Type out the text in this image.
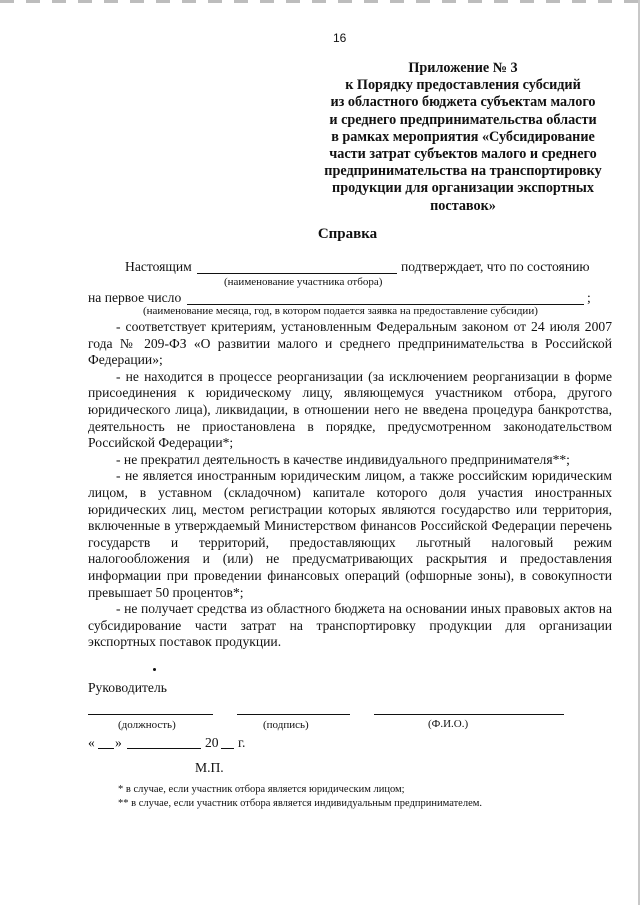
16
Приложение № 3
к Порядку предоставления субсидий
из областного бюджета субъектам малого
и среднего предпринимательства области
в рамках мероприятия «Субсидирование
части затрат субъектов малого и среднего
предпринимательства на транспортировку
продукции для организации экспортных
поставок»
Справка
Настоящим	подтверждает, что по состоянию
(наименование участника отбора)
на первое число	;
(наименование месяца, год, в котором подается заявка на предоставление субсидии)

- соответствует критериям, установленным Федеральным законом от 24 июля 2007 года № 209-ФЗ «О развитии малого и среднего предпринимательства в Российской Федерации»;

- не находится в процессе реорганизации (за исключением реорганизации в форме присоединения к юридическому лицу, являющемуся участником отбора, другого юридического лица), ликвидации, в отношении него не введена процедура банкротства, деятельность не приостановлена в порядке, предусмотренном законодательством Российской Федерации*;

- не прекратил деятельность в качестве индивидуального предпринимателя**;

- не является иностранным юридическим лицом, а также российским юридическим лицом, в уставном (складочном) капитале которого доля участия иностранных юридических лиц, местом регистрации которых являются государство или территория, включенные в утверждаемый Министерством финансов Российской Федерации перечень государств и территорий, предоставляющих льготный налоговый режим налогообложения и (или) не предусматривающих раскрытия и предоставления информации при проведении финансовых операций (офшорные зоны), в совокупности превышает 50 процентов*;

- не получает средства из областного бюджета на основании иных правовых актов на субсидирование части затрат на транспортировку продукции для организации экспортных поставок продукции.

Руководитель
(должность)	(подпись)	(Ф.И.О.)
« »	20 г.
М.П.
* в случае, если участник отбора является юридическим лицом;
** в случае, если участник отбора является индивидуальным предпринимателем.
